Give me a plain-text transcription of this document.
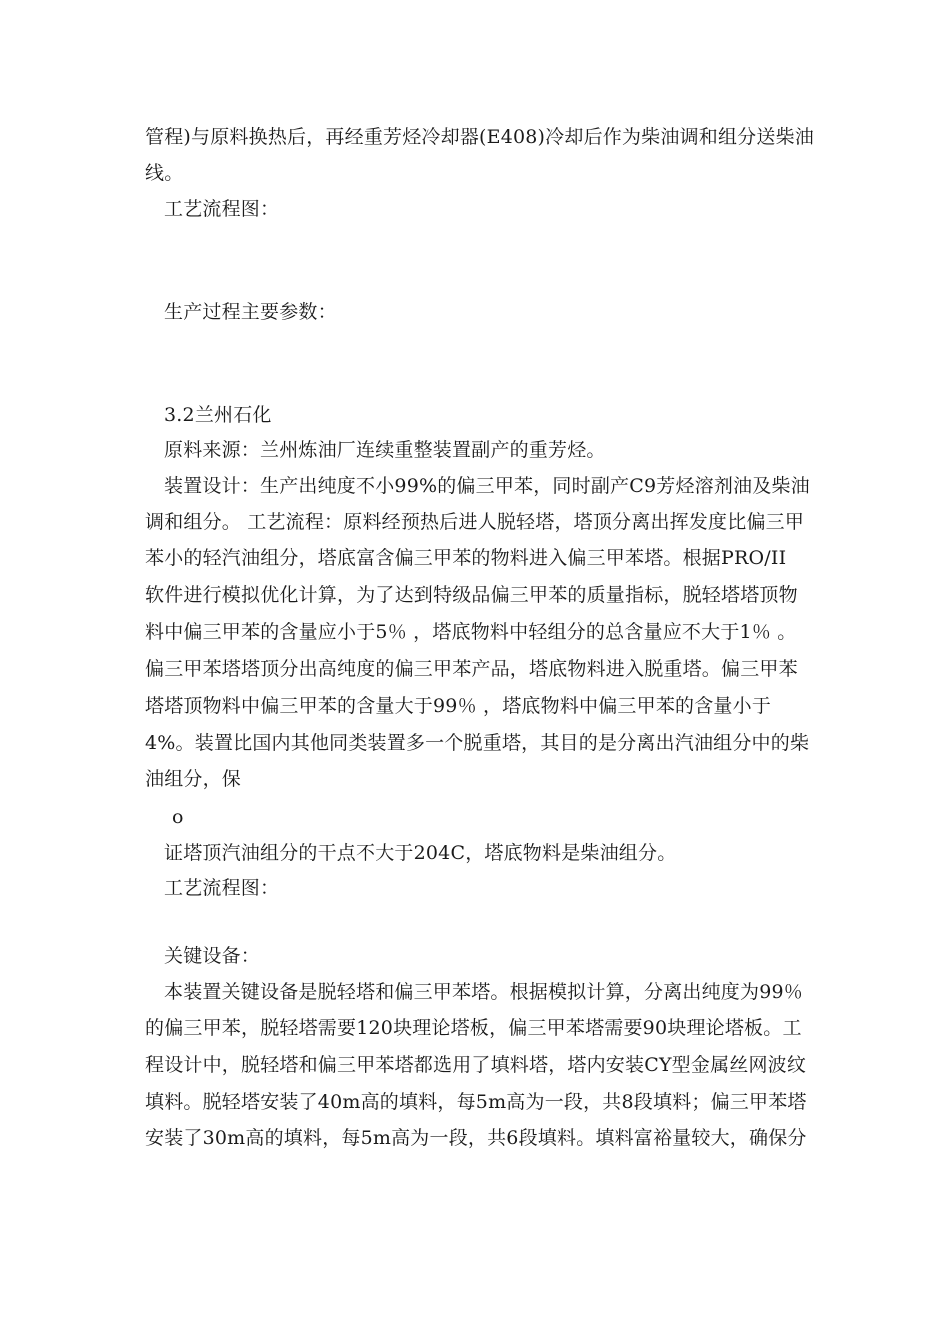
管程)与原料换热后，再经重芳烃冷却器(E408)冷却后作为柴油调和组分送柴油
线。
工艺流程图：
生产过程主要参数：
3.2兰州石化
原料来源：兰州炼油厂连续重整装置副产的重芳烃。
装置设计：生产出纯度不小99%的偏三甲苯，同时副产C9芳烃溶剂油及柴油
调和组分。 工艺流程：原料经预热后进人脱轻塔，塔顶分离出挥发度比偏三甲
苯小的轻汽油组分，塔底富含偏三甲苯的物料进入偏三甲苯塔。根据PRO/II
软件进行模拟优化计算，为了达到特级品偏三甲苯的质量指标，脱轻塔塔顶物
料中偏三甲苯的含量应小于5％ ，塔底物料中轻组分的总含量应不大于1％ 。
偏三甲苯塔塔顶分出高纯度的偏三甲苯产品，塔底物料进入脱重塔。偏三甲苯
塔塔顶物料中偏三甲苯的含量大于99％ ，塔底物料中偏三甲苯的含量小于
4%。装置比国内其他同类装置多一个脱重塔，其目的是分离出汽油组分中的柴
油组分，保
o
证塔顶汽油组分的干点不大于204C，塔底物料是柴油组分。
工艺流程图：
关键设备：
本装置关键设备是脱轻塔和偏三甲苯塔。根据模拟计算，分离出纯度为99％
的偏三甲苯，脱轻塔需要120块理论塔板，偏三甲苯塔需要90块理论塔板。工
程设计中，脱轻塔和偏三甲苯塔都选用了填料塔，塔内安装CY型金属丝网波纹
填料。脱轻塔安装了40m高的填料，每5m高为一段，共8段填料；偏三甲苯塔
安装了30m高的填料，每5m高为一段，共6段填料。填料富裕量较大，确保分
